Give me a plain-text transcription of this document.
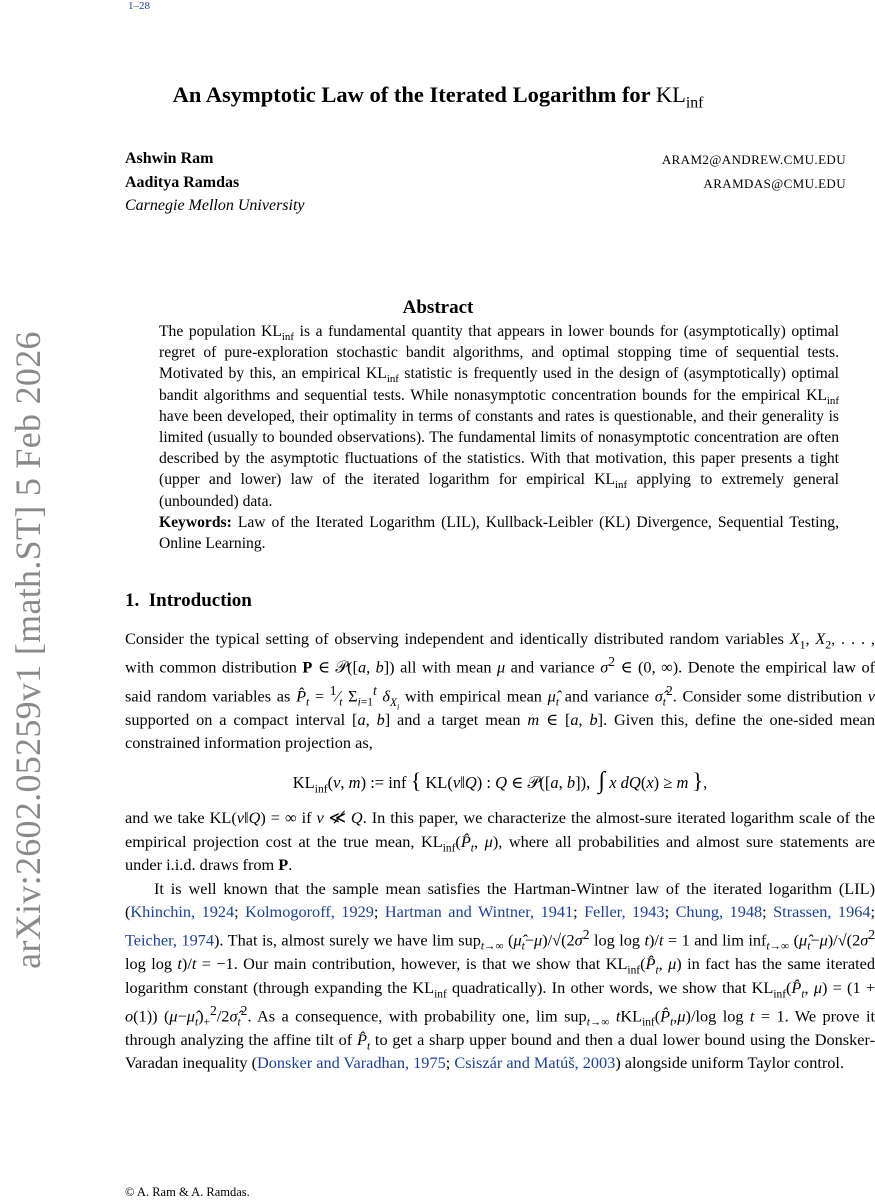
1–28
arXiv:2602.05259v1 [math.ST] 5 Feb 2026
An Asymptotic Law of the Iterated Logarithm for $KL_{inf}$
Ashwin Ram	ARAM2@ANDREW.CMU.EDU
Aaditya Ramdas	ARAMDAS@CMU.EDU
Carnegie Mellon University
Abstract
The population $KL_{inf}$ is a fundamental quantity that appears in lower bounds for (asymptotically) optimal regret of pure-exploration stochastic bandit algorithms, and optimal stopping time of sequential tests. Motivated by this, an empirical $KL_{inf}$ statistic is frequently used in the design of (asymptotically) optimal bandit algorithms and sequential tests. While nonasymptotic concentration bounds for the empirical $KL_{inf}$ have been developed, their optimality in terms of constants and rates is questionable, and their generality is limited (usually to bounded observations). The fundamental limits of nonasymptotic concentration are often described by the asymptotic fluctuations of the statistics. With that motivation, this paper presents a tight (upper and lower) law of the iterated logarithm for empirical $KL_{inf}$ applying to extremely general (unbounded) data.
Keywords: Law of the Iterated Logarithm (LIL), Kullback-Leibler (KL) Divergence, Sequential Testing, Online Learning.
1. Introduction

Consider the typical setting of observing independent and identically distributed random variables $X_1$, $X_2$, . . . , with common distribution P ∈ 𝒫([a, b]) all with mean μ and variance $\sigma^2$ ∈ (0, ∞). Denote the empirical law of said random variables as $P̂_t$ = $^1⁄_t$ $\Sigma_{i=1}^t$ $\delta_{X_i}$ with empirical mean $\mû_t$ and variance $\sigmâ_t^2$. Consider some distribution ν supported on a compact interval [a, b] and a target mean m ∈ [a, b]. Given this, define the one-sided mean constrained information projection as,

$KL_{inf}(\nu$, m) := inf { KL(ν‖Q) : Q ∈ 𝒫([a, b]),  ∫ x dQ(x) ≥ m },

and we take KL(ν‖Q) = ∞ if ν ≪̸ Q. In this paper, we characterize the almost-sure iterated logarithm scale of the empirical projection cost at the true mean, $KL_{inf}(P̂_t$, μ), where all probabilities and almost sure statements are under i.i.d. draws from P.

It is well known that the sample mean satisfies the Hartman-Wintner law of the iterated logarithm (LIL) (Khinchin, 1924; Kolmogoroff, 1929; Hartman and Wintner, 1941; Feller, 1943; Chung, 1948; Strassen, 1964; Teicher, 1974). That is, almost surely we have lim sup$_{t\to\infty}$ $(\mû_t-\mu)/√(2\sigma^2$ log log t)/t = 1 and lim inf$_{t\to\infty}$ $(\mû_t-\mu)/√(2\sigma^2$ log log t)/t = −1. Our main contribution, however, is that we show that $KL_{inf}(P̂_t$, μ) in fact has the same iterated logarithm constant (through expanding the $KL_{inf}$ quadratically). In other words, we show that $KL_{inf}(P̂_t$, μ) = (1 + o(1)) $(\mu-\mû_t)_+^2/2\sigmâ_t^2$. As a consequence, with probability one, lim sup$_{t\to\infty}$ $tKL_{inf}(P̂_t,\mu)/\log$ log t = 1. We prove it through analyzing the affine tilt of $P̂_t$ to get a sharp upper bound and then a dual lower bound using the Donsker-Varadan inequality (Donsker and Varadhan, 1975; Csiszár and Matúš, 2003) alongside uniform Taylor control.

© A. Ram & A. Ramdas.
